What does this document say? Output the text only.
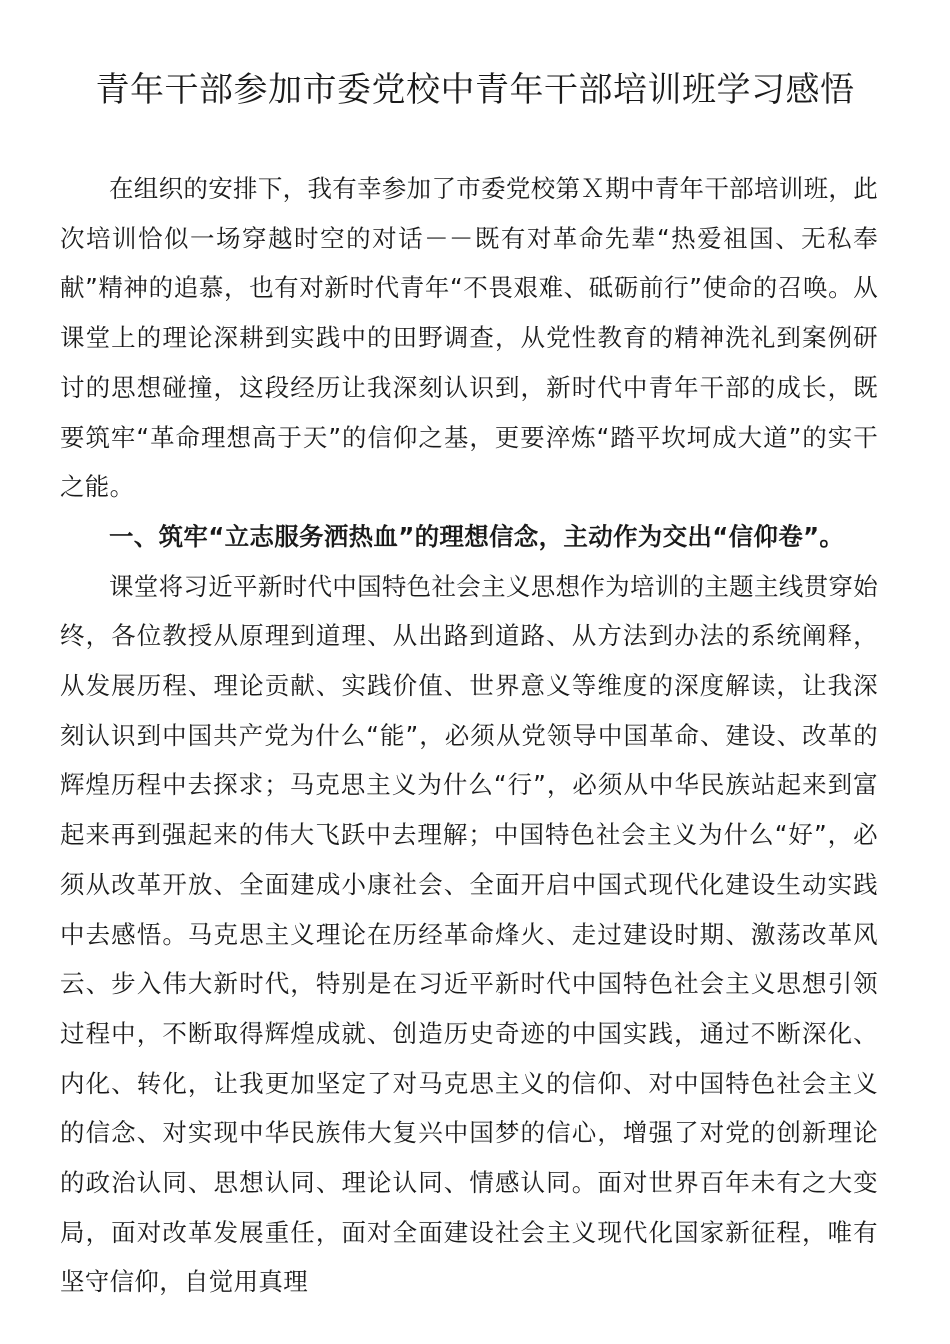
青年干部参加市委党校中青年干部培训班学习感悟

在组织的安排下，我有幸参加了市委党校第Ｘ期中青年干部培训班，此次培训恰似一场穿越时空的对话－－既有对革命先辈“热爱祖国、无私奉献”精神的追慕，也有对新时代青年“不畏艰难、砥砺前行”使命的召唤。从课堂上的理论深耕到实践中的田野调查，从党性教育的精神洗礼到案例研讨的思想碰撞，这段经历让我深刻认识到，新时代中青年干部的成长，既要筑牢“革命理想高于天”的信仰之基，更要淬炼“踏平坎坷成大道”的实干之能。

一、筑牢“立志服务洒热血”的理想信念，主动作为交出“信仰卷”。

课堂将习近平新时代中国特色社会主义思想作为培训的主题主线贯穿始终，各位教授从原理到道理、从出路到道路、从方法到办法的系统阐释，从发展历程、理论贡献、实践价值、世界意义等维度的深度解读，让我深刻认识到中国共产党为什么“能”，必须从党领导中国革命、建设、改革的辉煌历程中去探求；马克思主义为什么“行”，必须从中华民族站起来到富起来再到强起来的伟大飞跃中去理解；中国特色社会主义为什么“好”，必须从改革开放、全面建成小康社会、全面开启中国式现代化建设生动实践中去感悟。马克思主义理论在历经革命烽火、走过建设时期、激荡改革风云、步入伟大新时代，特别是在习近平新时代中国特色社会主义思想引领过程中，不断取得辉煌成就、创造历史奇迹的中国实践，通过不断深化、内化、转化，让我更加坚定了对马克思主义的信仰、对中国特色社会主义的信念、对实现中华民族伟大复兴中国梦的信心，增强了对党的创新理论的政治认同、思想认同、理论认同、情感认同。面对世界百年未有之大变局，面对改革发展重任，面对全面建设社会主义现代化国家新征程，唯有坚守信仰，自觉用真理
